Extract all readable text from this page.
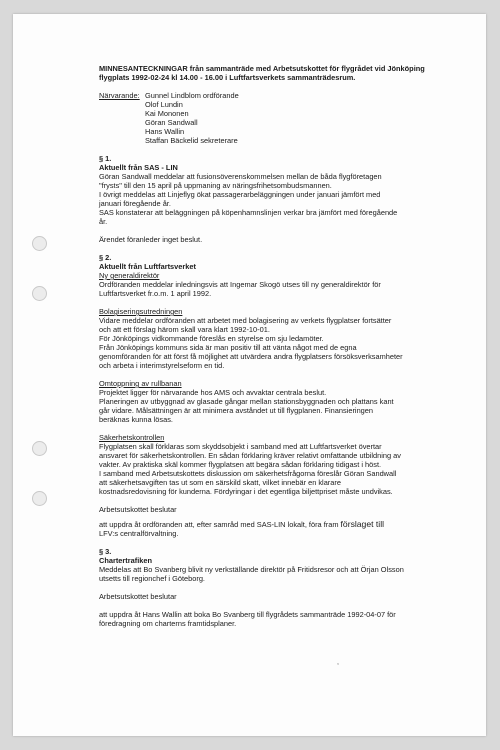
MINNESANTECKNINGAR från sammanträde med Arbetsutskottet för flygrådet vid Jönköping flygplats 1992-02-24 kl 14.00 - 16.00 i Luftfartsverkets sammanträdesrum.

Närvarande: Gunnel Lindblom ordförande

Olof Lundin

Kai Mononen

Göran Sandwall

Hans Wallin

Staffan Bäckelid sekreterare

§ 1.

Aktuellt från SAS - LIN

Göran Sandwall meddelar att fusionsöverenskommelsen mellan de båda flygföretagen

"frysts" till den 15 april på uppmaning av näringsfrihetsombudsmannen.

I övrigt meddelas att Linjeflyg ökat passagerarbeläggningen under januari jämfört med

januari föregående år.

SAS konstaterar att beläggningen på köpenhamnslinjen verkar bra jämfört med föregående

år.

Ärendet föranleder inget beslut.

§ 2.

Aktuellt från Luftfartsverket

Ny generaldirektör

Ordföranden meddelar inledningsvis att Ingemar Skogö utses till ny generaldirektör för

Luftfartsverket fr.o.m. 1 april 1992.

Bolagiseringsutredningen

Vidare meddelar ordföranden att arbetet med bolagisering av verkets flygplatser fortsätter

och att ett förslag härom skall vara klart 1992-10-01.

För Jönköpings vidkommande föreslås en styrelse om sju ledamöter.

Från Jönköpings kommuns sida är man positiv till att vänta något med de egna

genomföranden för att först få möjlighet att utvärdera andra flygplatsers försöksverksamheter

och arbeta i interimstyrelseform en tid.

Omtoppning av rullbanan

Projektet ligger för närvarande hos AMS och avvaktar centrala beslut.

Planeringen av utbyggnad av glasade gångar mellan stationsbyggnaden och plattans kant

går vidare. Målsättningen är att minimera avståndet ut till flygplanen. Finansieringen

beräknas kunna lösas.

Säkerhetskontrollen

Flygplatsen skall förklaras som skyddsobjekt i samband med att Luftfartsverket övertar

ansvaret för säkerhetskontrollen. En sådan förklaring kräver relativt omfattande utbildning av

vakter. Av praktiska skäl kommer flygplatsen att begära sådan förklaring tidigast i höst.

I samband med Arbetsutskottets diskussion om säkerhetsfrågorna föreslår Göran Sandwall

att säkerhetsavgiften tas ut som en särskild skatt, vilket innebär en klarare

kostnadsredovisning för kunderna. Fördyringar i det egentliga biljettpriset måste undvikas.

Arbetsutskottet beslutar

att uppdra åt ordföranden att, efter samråd med SAS-LIN lokalt, föra fram förslaget till

LFV:s centralförvaltning.

§ 3.

Chartertrafiken

Meddelas att Bo Svanberg blivit ny verkställande direktör på Fritidsresor och att Örjan Olsson

utsetts till regionchef i Göteborg.

Arbetsutskottet beslutar

att uppdra åt Hans Wallin att boka Bo Svanberg till flygrådets sammanträde 1992-04-07 för

föredragning om charterns framtidsplaner.

,
